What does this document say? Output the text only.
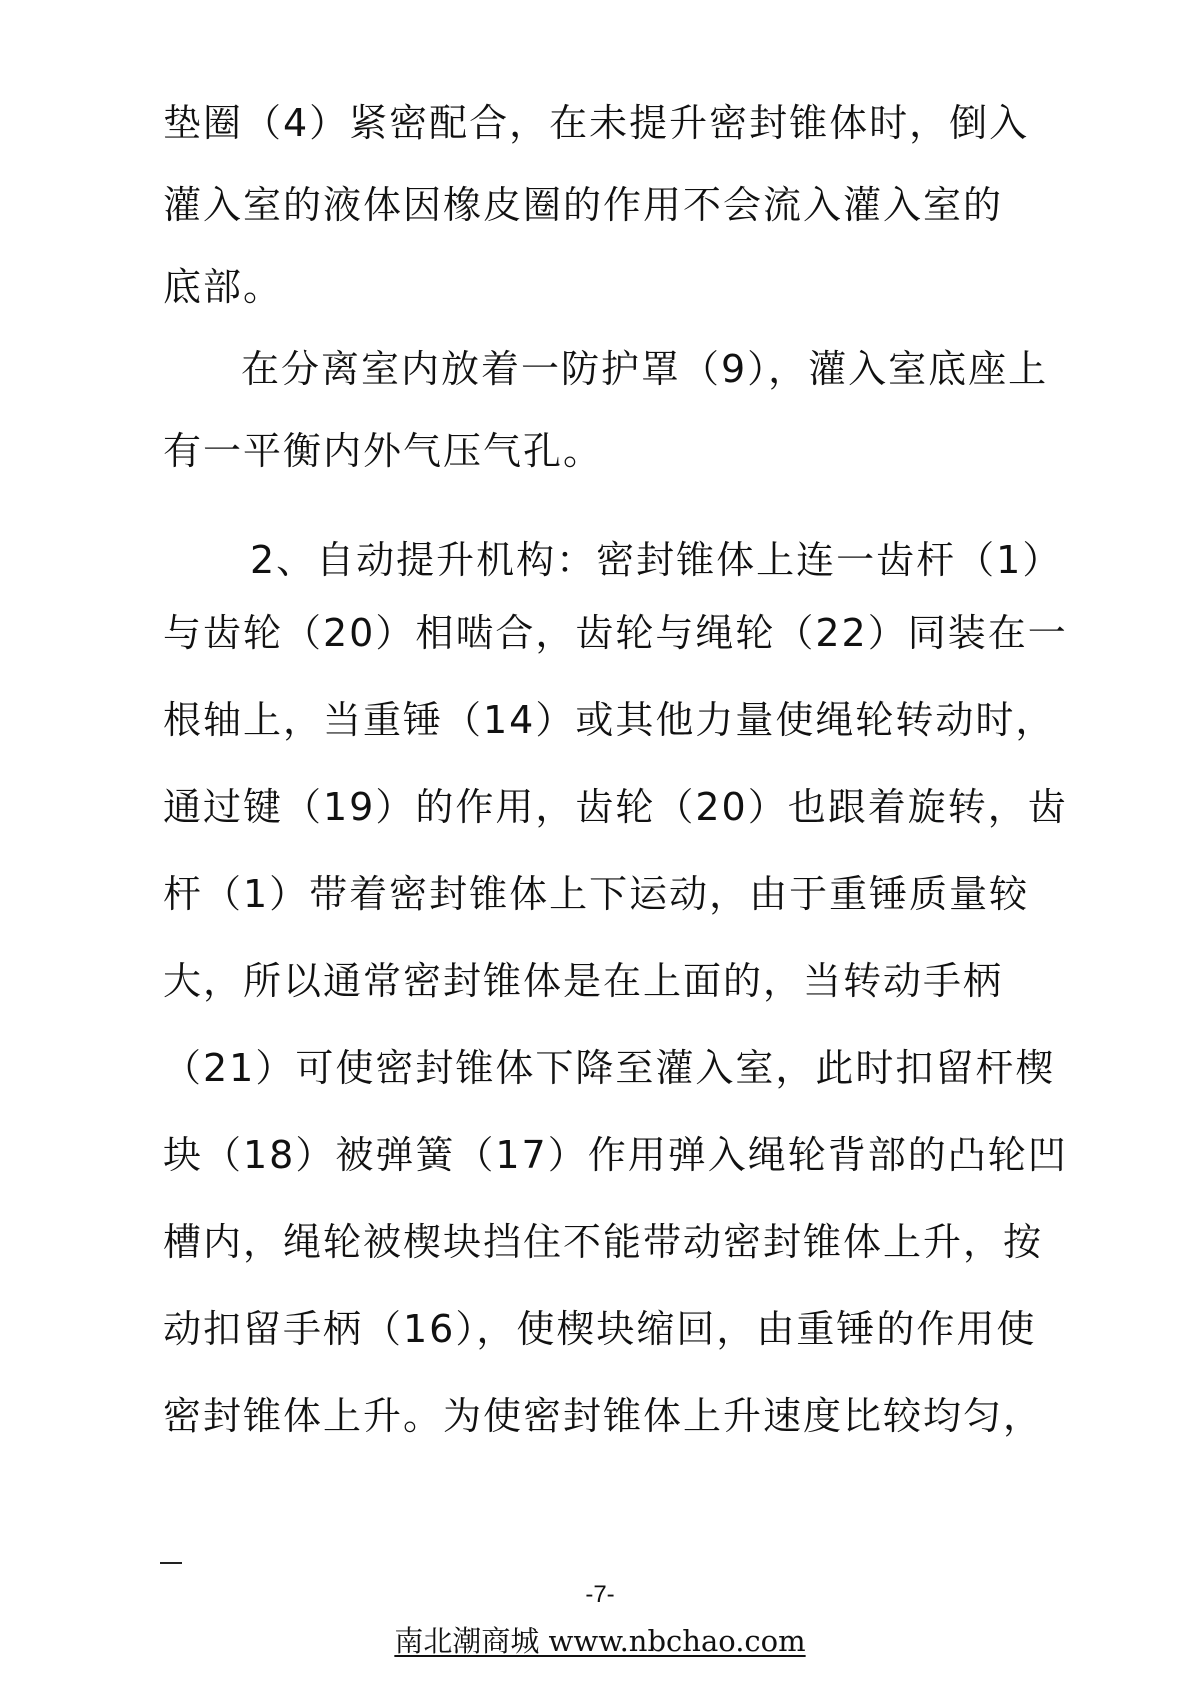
垫圈（4）紧密配合，在未提升密封锥体时，倒入
灌入室的液体因橡皮圈的作用不会流入灌入室的
底部。
在分离室内放着一防护罩（9），灌入室底座上
有一平衡内外气压气孔。
2、自动提升机构：密封锥体上连一齿杆（1）
与齿轮（20）相啮合，齿轮与绳轮（22）同装在一
根轴上，当重锤（14）或其他力量使绳轮转动时，
通过键（19）的作用，齿轮（20）也跟着旋转，齿
杆（1）带着密封锥体上下运动，由于重锤质量较
大，所以通常密封锥体是在上面的，当转动手柄
（21）可使密封锥体下降至灌入室，此时扣留杆楔
块（18）被弹簧（17）作用弹入绳轮背部的凸轮凹
槽内，绳轮被楔块挡住不能带动密封锥体上升，按
动扣留手柄（16），使楔块缩回，由重锤的作用使
密封锥体上升。为使密封锥体上升速度比较均匀，
-7-
南北潮商城 www.nbchao.com
